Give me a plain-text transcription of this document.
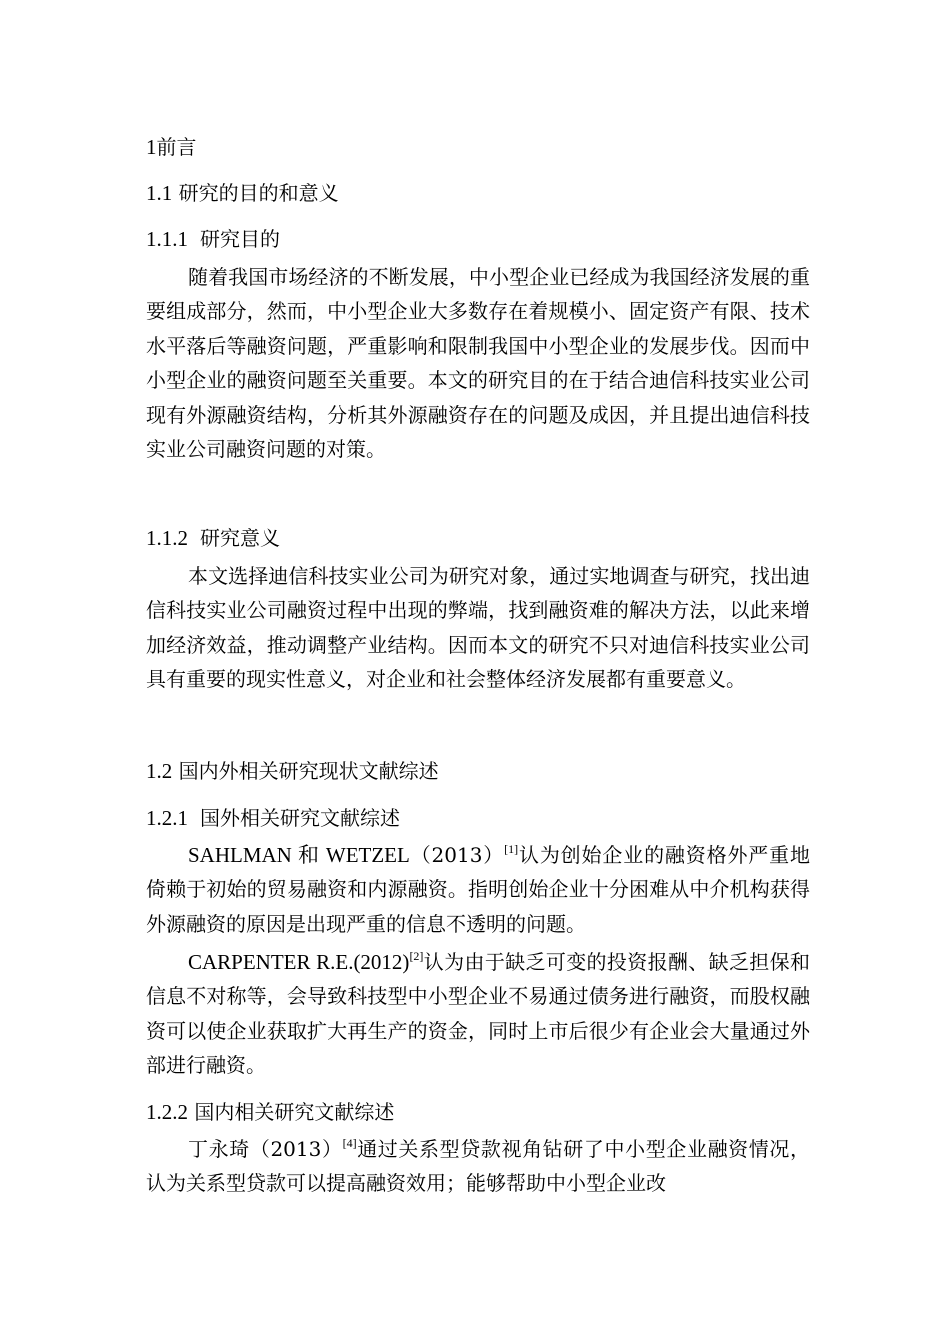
1前言
1.1 研究的目的和意义
1.1.1 研究目的

随着我国市场经济的不断发展，中小型企业已经成为我国经济发展的重要组成部分，然而，中小型企业大多数存在着规模小、固定资产有限、技术水平落后等融资问题，严重影响和限制我国中小型企业的发展步伐。因而中小型企业的融资问题至关重要。本文的研究目的在于结合迪信科技实业公司现有外源融资结构，分析其外源融资存在的问题及成因，并且提出迪信科技实业公司融资问题的对策。

1.1.2 研究意义

本文选择迪信科技实业公司为研究对象，通过实地调查与研究，找出迪信科技实业公司融资过程中出现的弊端，找到融资难的解决方法，以此来增加经济效益，推动调整产业结构。因而本文的研究不只对迪信科技实业公司具有重要的现实性意义，对企业和社会整体经济发展都有重要意义。

1.2 国内外相关研究现状文献综述
1.2.1 国外相关研究文献综述

SAHLMAN 和 WETZEL（2013）[1]认为创始企业的融资格外严重地倚赖于初始的贸易融资和内源融资。指明创始企业十分困难从中介机构获得外源融资的原因是出现严重的信息不透明的问题。

CARPENTER R.E.(2012)[2]认为由于缺乏可变的投资报酬、缺乏担保和信息不对称等，会导致科技型中小型企业不易通过债务进行融资，而股权融资可以使企业获取扩大再生产的资金，同时上市后很少有企业会大量通过外部进行融资。

1.2.2 国内相关研究文献综述

丁永琦（2013）[4]通过关系型贷款视角钻研了中小型企业融资情况，认为关系型贷款可以提高融资效用；能够帮助中小型企业改
